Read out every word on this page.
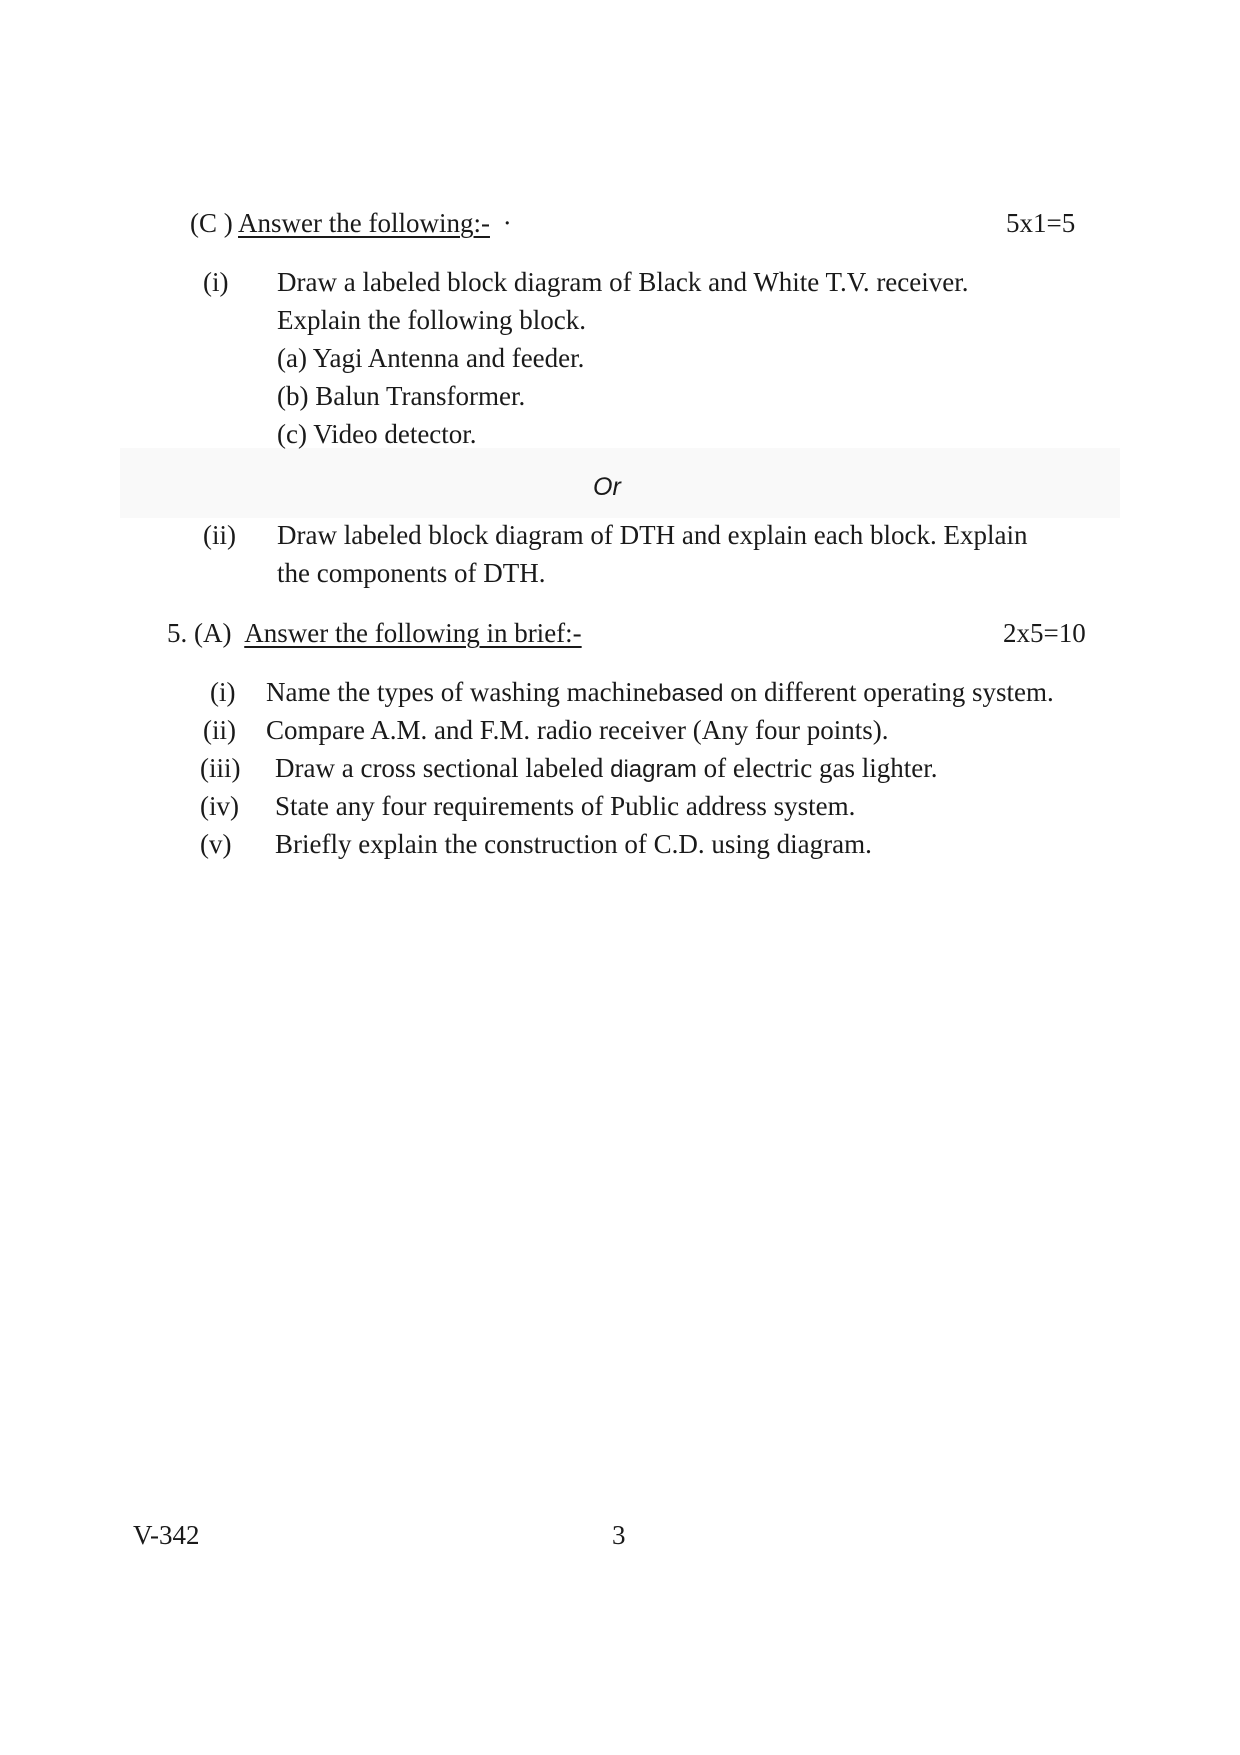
(C ) Answer the following:- ·	5x1=5
(i) Draw a labeled block diagram of Black and White T.V. receiver.
Explain the following block.
(a) Yagi Antenna and feeder.
(b) Balun Transformer.
(c) Video detector.
Or
(ii) Draw labeled block diagram of DTH and explain each block. Explain
the components of DTH.
5. (A) Answer the following in brief:-	2x5=10
(i) Name the types of washing machinebased on different operating system.
(ii) Compare A.M. and F.M. radio receiver (Any four points).
(iii) Draw a cross sectional labeled diagram of electric gas lighter.
(iv) State any four requirements of Public address system.
(v) Briefly explain the construction of C.D. using diagram.
V-342	3
